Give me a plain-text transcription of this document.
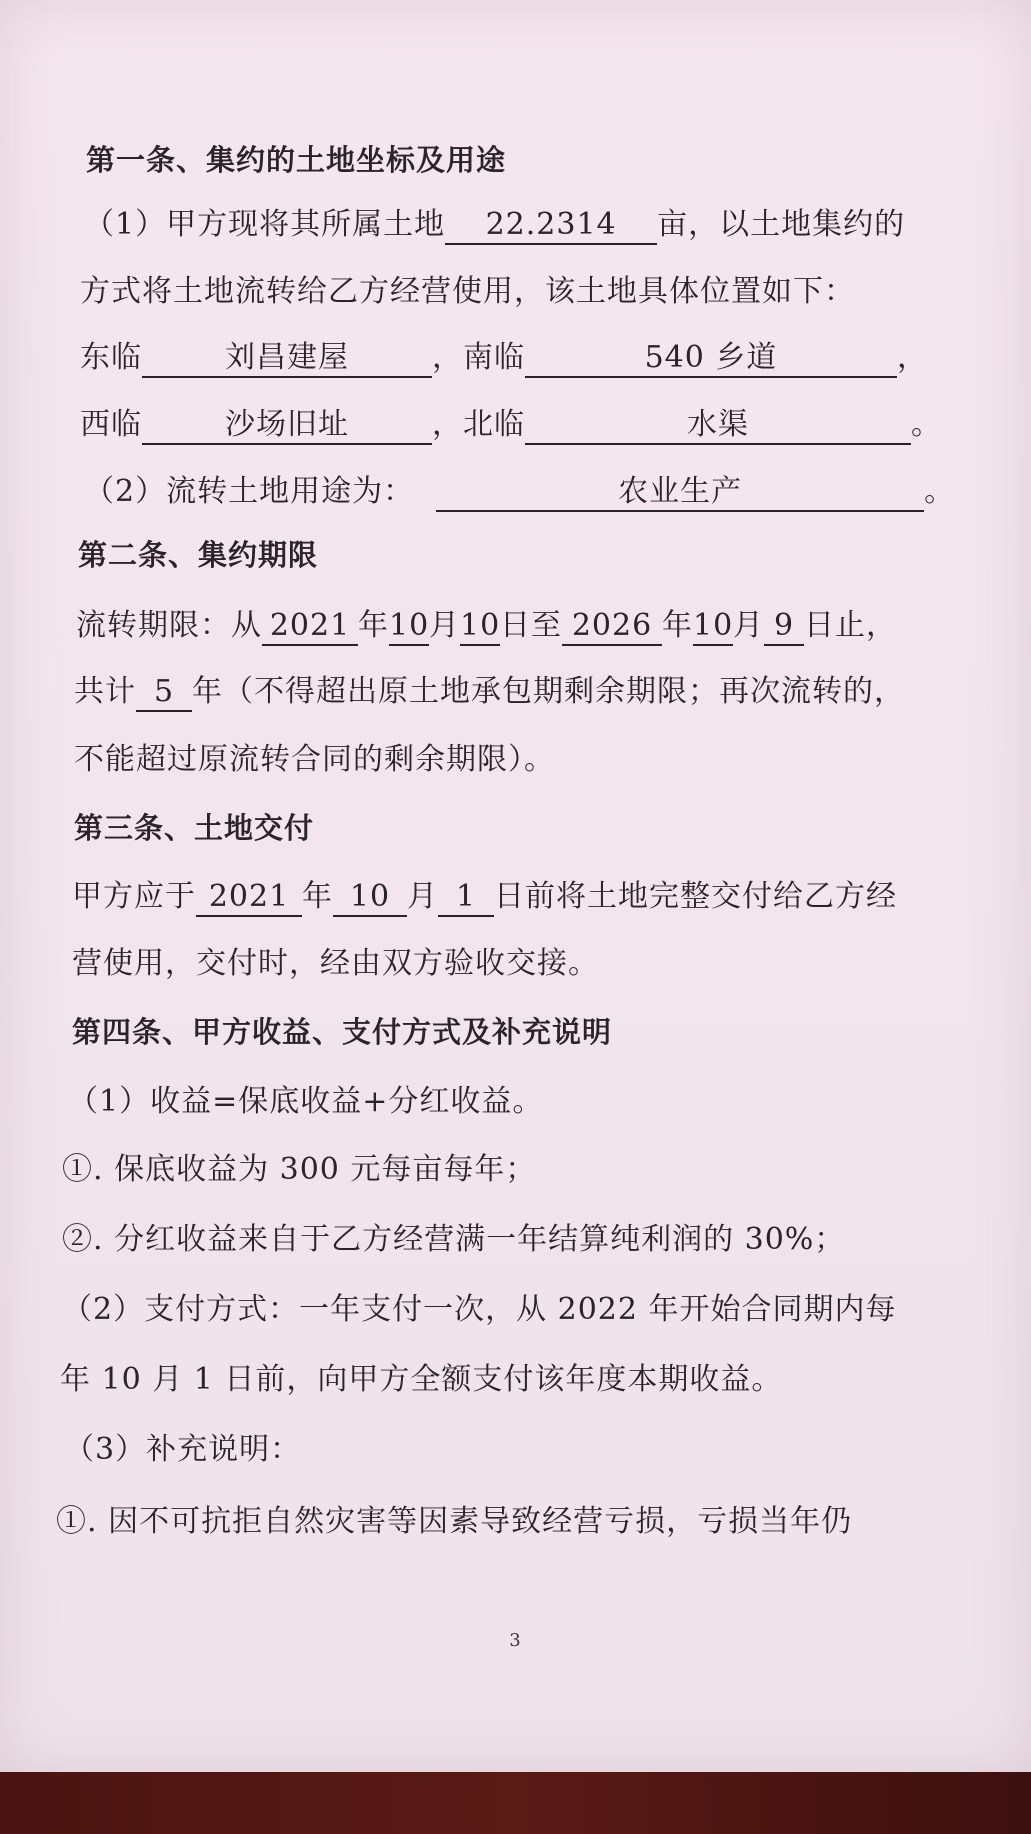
第一条、集约的土地坐标及用途
（1）甲方现将其所属土地 22.2314 亩，以土地集约的
方式将土地流转给乙方经营使用，该土地具体位置如下：
东临	刘昌建屋	，南临	540 乡道	，
西临	沙场旧址	，北临	水渠	。
（2）流转土地用途为：	农业生产	。
第二条、集约期限
流转期限：从 2021 年10月10日至 2026 年10月 9 日止，
共计 5 年（不得超出原土地承包期剩余期限；再次流转的，
不能超过原流转合同的剩余期限）。
第三条、土地交付
甲方应于 2021 年 10 月 1 日前将土地完整交付给乙方经
营使用，交付时，经由双方验收交接。
第四条、甲方收益、支付方式及补充说明
（1）收益=保底收益+分红收益。
①. 保底收益为 300 元每亩每年；
②. 分红收益来自于乙方经营满一年结算纯利润的 30%；
（2）支付方式：一年支付一次，从 2022 年开始合同期内每
年 10 月 1 日前，向甲方全额支付该年度本期收益。
（3）补充说明：
①. 因不可抗拒自然灾害等因素导致经营亏损，亏损当年仍
3
